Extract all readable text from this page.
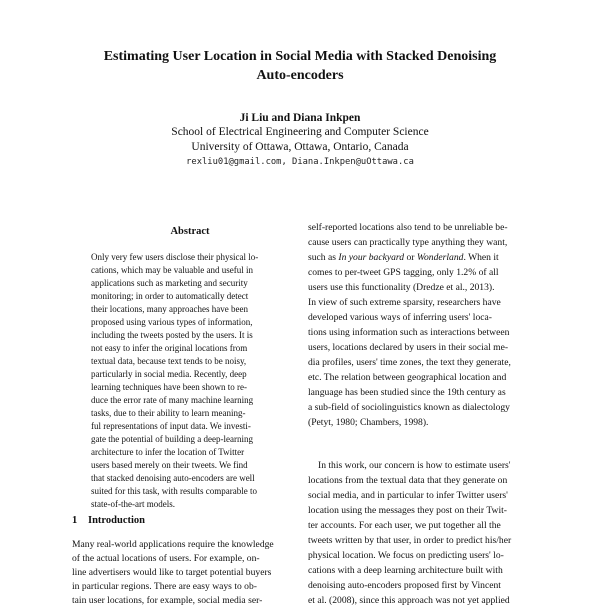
Estimating User Location in Social Media with Stacked Denoising
Auto-encoders
Ji Liu and Diana Inkpen
School of Electrical Engineering and Computer Science
University of Ottawa, Ottawa, Ontario, Canada
rexliu01@gmail.com, Diana.Inkpen@uOttawa.ca
Abstract
Only very few users disclose their physical lo-
cations, which may be valuable and useful in
applications such as marketing and security
monitoring; in order to automatically detect
their locations, many approaches have been
proposed using various types of information,
including the tweets posted by the users. It is
not easy to infer the original locations from
textual data, because text tends to be noisy,
particularly in social media. Recently, deep
learning techniques have been shown to re-
duce the error rate of many machine learning
tasks, due to their ability to learn meaning-
ful representations of input data. We investi-
gate the potential of building a deep-learning
architecture to infer the location of Twitter
users based merely on their tweets. We find
that stacked denoising auto-encoders are well
suited for this task, with results comparable to
state-of-the-art models.
1 Introduction
Many real-world applications require the knowledge
of the actual locations of users. For example, on-
line advertisers would like to target potential buyers
in particular regions. There are easy ways to ob-
tain user locations, for example, social media ser-
self-reported locations also tend to be unreliable be-
cause users can practically type anything they want,
such as In your backyard or Wonderland. When it
comes to per-tweet GPS tagging, only 1.2% of all
users use this functionality (Dredze et al., 2013).
In view of such extreme sparsity, researchers have
developed various ways of inferring users' loca-
tions using information such as interactions between
users, locations declared by users in their social me-
dia profiles, users' time zones, the text they generate,
etc. The relation between geographical location and
language has been studied since the 19th century as
a sub-field of sociolinguistics known as dialectology
(Petyt, 1980; Chambers, 1998).
In this work, our concern is how to estimate users'
locations from the textual data that they generate on
social media, and in particular to infer Twitter users'
location using the messages they post on their Twit-
ter accounts. For each user, we put together all the
tweets written by that user, in order to predict his/her
physical location. We focus on predicting users' lo-
cations with a deep learning architecture built with
denoising auto-encoders proposed first by Vincent
et al. (2008), since this approach was not yet applied
